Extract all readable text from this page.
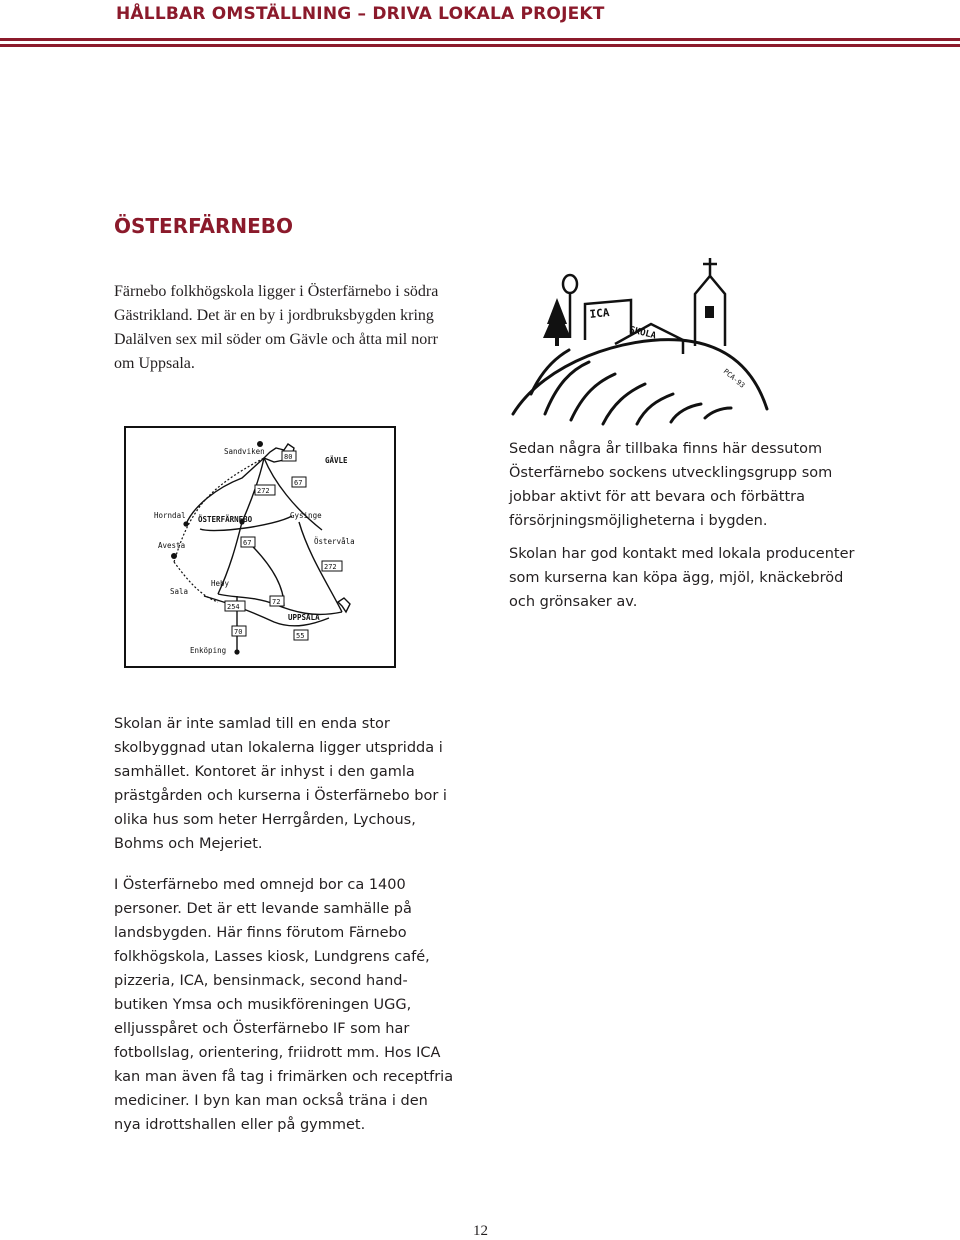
HÅLLBAR OMSTÄLLNING – DRIVA LOKALA PROJEKT
ÖSTERFÄRNEBO

Färnebo folkhögskola ligger i Österfärnebo i södra Gästrikland. Det är en by i jordbruksbygden kring Dalälven sex mil söder om Gävle och åtta mil norr om Uppsala.

ICA
SKOLA
PCA-93
Sandviken
GÄVLE
Horndal ÖSTERFÄRNEBO	Gysinge
Avesta	Östervåla
Sala
Heby
UPPSALA
Enköping
80
272
67
67
272
72
254
70	55

Sedan några år tillbaka finns här dessutom Österfärnebo sockens utvecklingsgrupp som jobbar aktivt för att bevara och förbättra försörjningsmöjligheterna i bygden.

Skolan har god kontakt med lokala producenter som kurserna kan köpa ägg, mjöl, knäckebröd och grönsaker av.

Skolan är inte samlad till en enda stor skolbyggnad utan lokalerna ligger utspridda i samhället. Kontoret är inhyst i den gamla prästgården och kurserna i Österfärnebo bor i olika hus som heter Herrgården, Lychous, Bohms och Mejeriet.

I Österfärnebo med omnejd bor ca 1400 personer. Det är ett levande samhälle på landsbygden. Här finns förutom Färnebo folkhögskola, Lasses kiosk, Lundgrens café, pizzeria, ICA, bensinmack, second hand-butiken Ymsa och musikföreningen UGG, elljusspåret och Österfärnebo IF som har fotbollslag, orientering, friidrott mm. Hos ICA kan man även få tag i frimärken och receptfria mediciner. I byn kan man också träna i den nya idrottshallen eller på gymmet.

12
